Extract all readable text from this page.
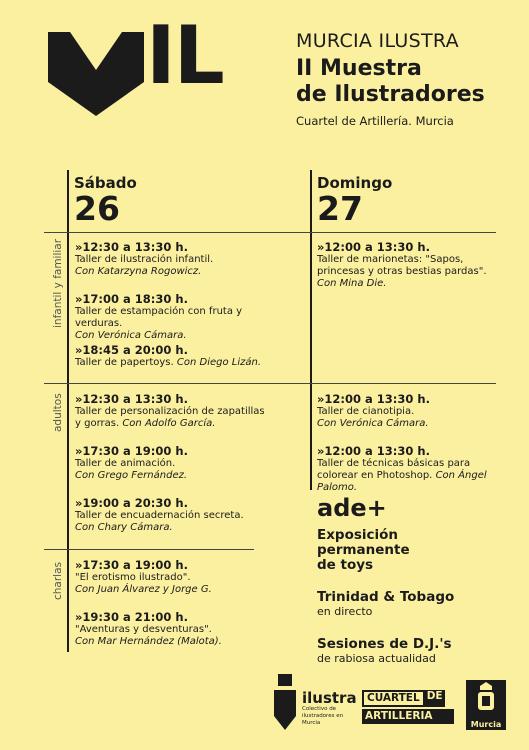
IL	MURCIA ILUSTRA
II Muestra
de Ilustradores
Cuartel de Artillería. Murcia
Sábado
26
Domingo
27
infantil y familiar
adultos
charlas
»12:30 a 13:30 h.
Taller de ilustración infantil.
Con Katarzyna Rogowicz.
»17:00 a 18:30 h.
Taller de estampación con fruta y verduras.
Con Verónica Cámara.
»18:45 a 20:00 h.
Taller de papertoys. Con Diego Lizán.
»12:30 a 13:30 h.
Taller de personalización de zapatillas y gorras. Con Adolfo García.
»17:30 a 19:00 h.
Taller de animación.
Con Grego Fernández.
»19:00 a 20:30 h.
Taller de encuadernación secreta.
Con Chary Cámara.
»17:30 a 19:00 h.
"El erotismo ilustrado".
Con Juan Álvarez y Jorge G.
»19:30 a 21:00 h.
"Aventuras y desventuras".
Con Mar Hernández (Malota).
»12:00 a 13:30 h.
Taller de marionetas: "Sapos, princesas y otras bestias pardas". Con Mina Die.
»12:00 a 13:30 h.
Taller de cianotipia.
Con Verónica Cámara.
»12:00 a 13:30 h.
Taller de técnicas básicas para colorear en Photoshop. Con Ángel Palomo.
ade+
Exposición permanente de toys
Trinidad & Tobago
en directo
Sesiones de D.J.'s
de rabiosa actualidad
ilustra
Colectivo de ilustradores en Murcia
CUARTEL DE
ARTILLERIA
Murcia
